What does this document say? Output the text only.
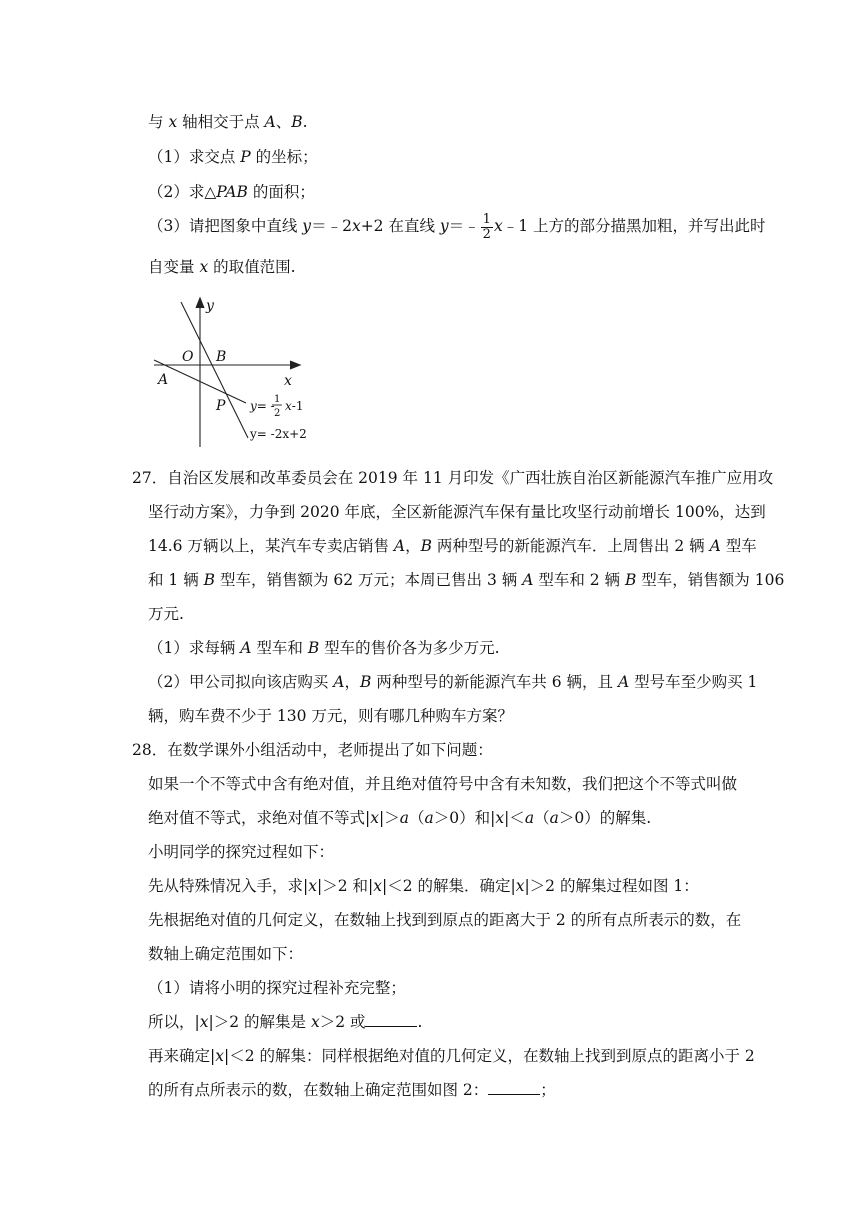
与 x 轴相交于点 A、B.
（1）求交点 P 的坐标；
（2）求△PAB 的面积；
（3）请把图象中直线 y＝﹣2x+2 在直线 y＝﹣ $\frac{1}{2}$ x﹣1 上方的部分描黑加粗，并写出此时
自变量 x 的取值范围.
y
x
O B
A
P y= - 1
2
x-1
y= -2x+2
27．自治区发展和改革委员会在 2019 年 11 月印发《广西壮族自治区新能源汽车推广应用攻
坚行动方案》，力争到 2020 年底，全区新能源汽车保有量比攻坚行动前增长 100%，达到
14.6 万辆以上，某汽车专卖店销售 A，B 两种型号的新能源汽车．上周售出 2 辆 A 型车
和 1 辆 B 型车，销售额为 62 万元；本周已售出 3 辆 A 型车和 2 辆 B 型车，销售额为 106
万元.
（1）求每辆 A 型车和 B 型车的售价各为多少万元.
（2）甲公司拟向该店购买 A，B 两种型号的新能源汽车共 6 辆，且 A 型号车至少购买 1
辆，购车费不少于 130 万元，则有哪几种购车方案？
28．在数学课外小组活动中，老师提出了如下问题：
如果一个不等式中含有绝对值，并且绝对值符号中含有未知数，我们把这个不等式叫做
绝对值不等式，求绝对值不等式|x|＞a（a＞0）和|x|＜a（a＞0）的解集.
小明同学的探究过程如下：
先从特殊情况入手，求|x|＞2 和|x|＜2 的解集．确定|x|＞2 的解集过程如图 1：
先根据绝对值的几何定义，在数轴上找到到原点的距离大于 2 的所有点所表示的数，在
数轴上确定范围如下：
（1）请将小明的探究过程补充完整；
所以，|x|＞2 的解集是 x＞2 或	.
再来确定|x|＜2 的解集：同样根据绝对值的几何定义，在数轴上找到到原点的距离小于 2
的所有点所表示的数，在数轴上确定范围如图 2：	；
